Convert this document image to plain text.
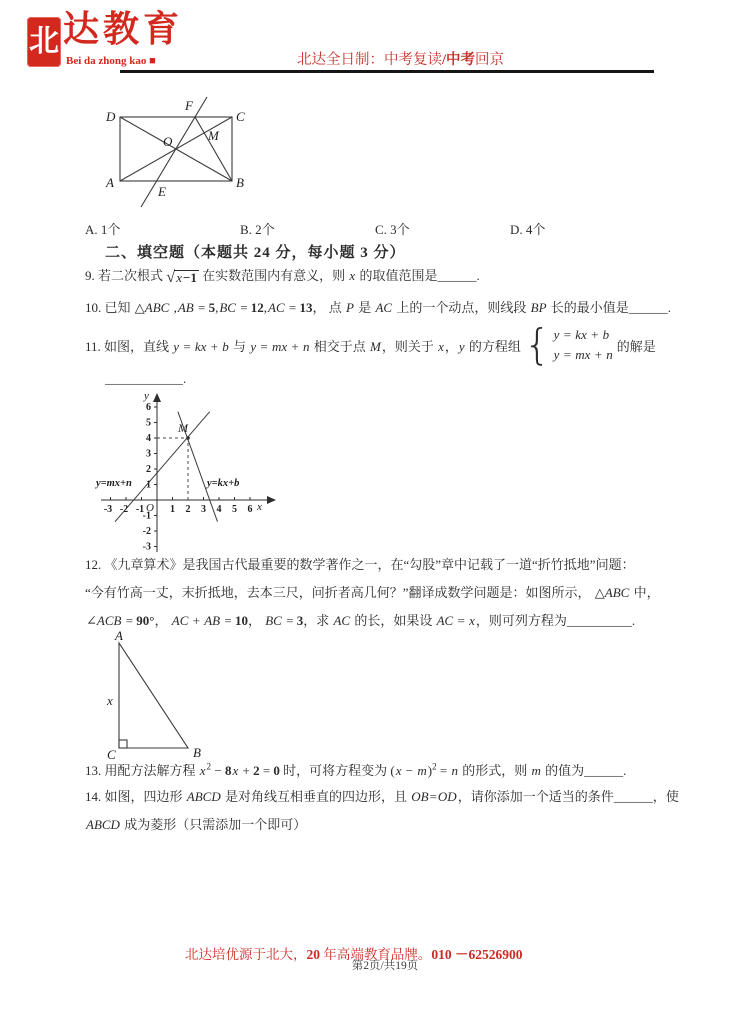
北 达教育
Bei da zhong kao ■	北达全日制：中考复读/中考回京
D	C
A	B
E
F
O	M
A. 1个	B. 2个	C. 3个	D. 4个
二、填空题（本题共 24 分，每小题 3 分）
9. 若二次根式 √ x−1 在实数范围内有意义，则 x 的取值范围是______.
10. 已知 △ABC ,AB = 5,BC = 12,AC = 13， 点 P 是 AC 上的一个动点，则线段 BP 长的最小值是______.
11. 如图，直线 y = kx + b 与 y = mx + n 相交于点 M，则关于 x，y 的方程组 { y = kx + b
y = mx + n
的解是
____________.
-3 -2 -1	1 2 3 4 5 6
6
5
4
3
2
1
-1
-2
-3
y=mx+n	y=kx+b
M
O	x
y
12. 《九章算术》是我国古代最重要的数学著作之一，在“勾股”章中记载了一道“折竹抵地”问题：
“今有竹高一丈，末折抵地，去本三尺，问折者高几何？”翻译成数学问题是：如图所示， △ABC 中，
∠ACB = 90°， AC + AB = 10， BC = 3，求 AC 的长，如果设 AC = x，则可列方程为__________.
A
C	B
x
13. 用配方法解方程 $x^2 - 8x + 2 = 0$ 时，可将方程变为 $(x - m)^2 = n$ 的形式，则 m 的值为______.
14. 如图，四边形 ABCD 是对角线互相垂直的四边形，且 OB=OD，请你添加一个适当的条件______，使
ABCD 成为菱形（只需添加一个即可）
北达培优源于北大，20 年高端教育品牌。010 －62526900
第2页/共19页
